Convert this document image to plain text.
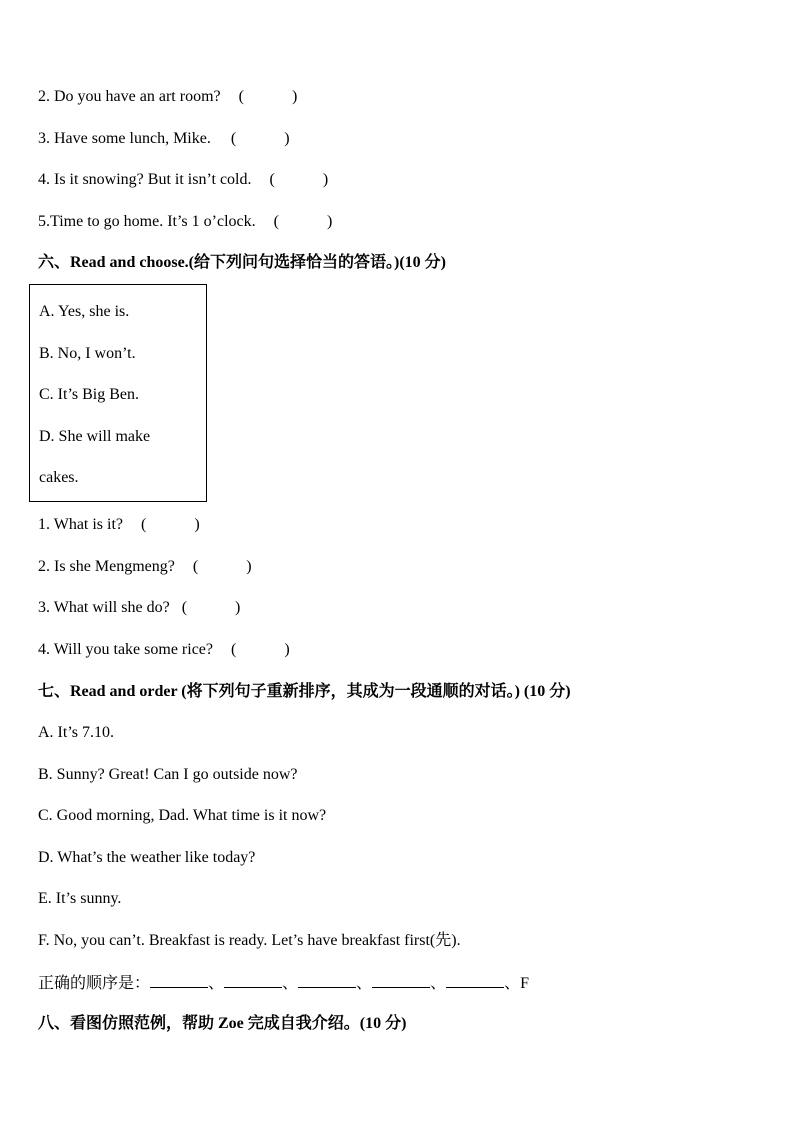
2. Do you have an art room? (　　　)
3. Have some lunch, Mike. (　　　)
4. Is it snowing? But it isn’t cold. (　　　)
5.Time to go home. It’s 1 o’clock. (　　　)
六、Read and choose.(给下列问句选择恰当的答语。)(10 分)
A. Yes, she is.
B. No, I won’t.
C. It’s Big Ben.
D. She will make
cakes.
1. What is it? (　　　)
2. Is she Mengmeng? (　　　)
3. What will she do? (　　　)
4. Will you take some rice? (　　　)
七、Read and order (将下列句子重新排序，其成为一段通顺的对话。) (10 分)
A. It’s 7.10.
B. Sunny? Great! Can I go outside now?
C. Good morning, Dad. What time is it now?
D. What’s the weather like today?
E. It’s sunny.
F. No, you can’t. Breakfast is ready. Let’s have breakfast first(先).
正确的顺序是：	、	、	、	、	、F
八、看图仿照范例，帮助 Zoe 完成自我介绍。(10 分)
